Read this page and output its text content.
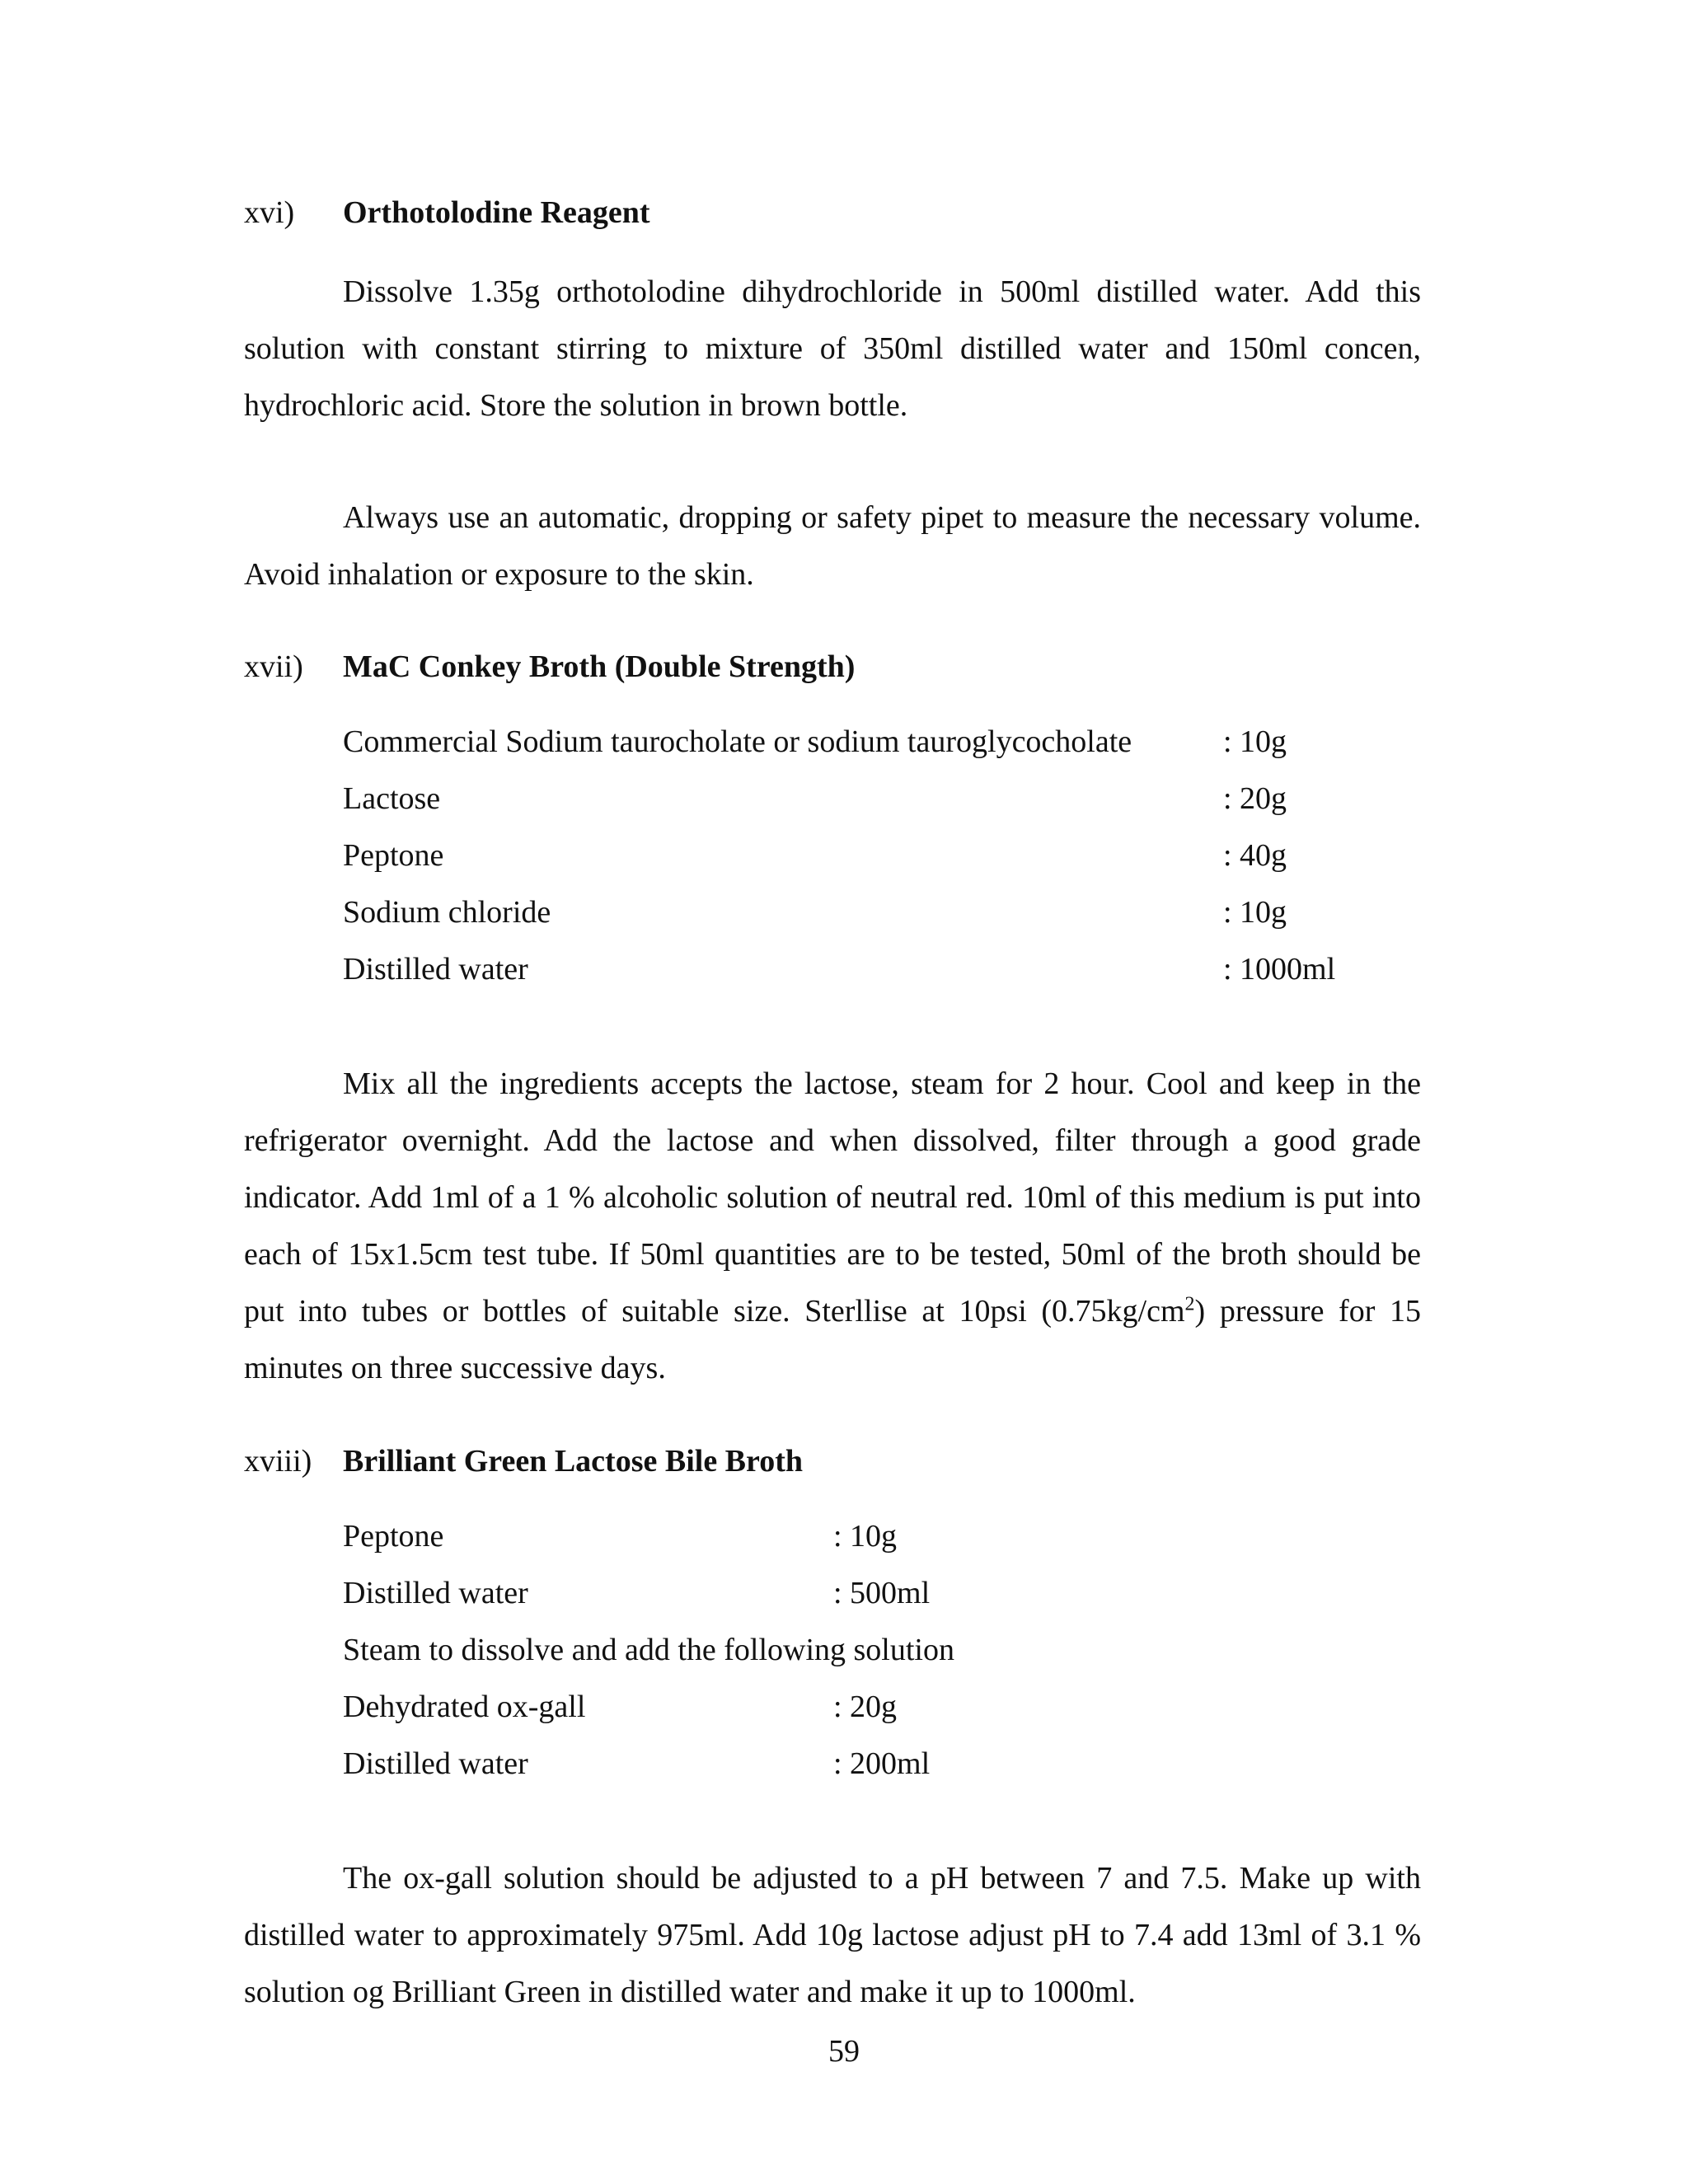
xvi) Orthotolodine Reagent

Dissolve 1.35g orthotolodine dihydrochloride in 500ml distilled water. Add this solution with constant stirring to mixture of 350ml distilled water and 150ml concen, hydrochloric acid. Store the solution in brown bottle.

Always use an automatic, dropping or safety pipet to measure the necessary volume. Avoid inhalation or exposure to the skin.

xvii) MaC Conkey Broth (Double Strength)
Commercial Sodium taurocholate or sodium tauroglycocholate	: 10g
Lactose	: 20g
Peptone	: 40g
Sodium chloride	: 10g
Distilled water	: 1000ml

Mix all the ingredients accepts the lactose, steam for 2 hour. Cool and keep in the refrigerator overnight. Add the lactose and when dissolved, filter through a good grade indicator. Add 1ml of a 1 % alcoholic solution of neutral red. 10ml of this medium is put into each of 15x1.5cm test tube. If 50ml quantities are to be tested, 50ml of the broth should be put into tubes or bottles of suitable size. Sterllise at 10psi $(0.75kg/cm^2)$ pressure for 15 minutes on three successive days.

xviii) Brilliant Green Lactose Bile Broth
Peptone	: 10g
Distilled water	: 500ml
Steam to dissolve and add the following solution
Dehydrated ox-gall	: 20g
Distilled water	: 200ml

The ox-gall solution should be adjusted to a pH between 7 and 7.5. Make up with distilled water to approximately 975ml. Add 10g lactose adjust pH to 7.4 add 13ml of 3.1 % solution og Brilliant Green in distilled water and make it up to 1000ml.

59
